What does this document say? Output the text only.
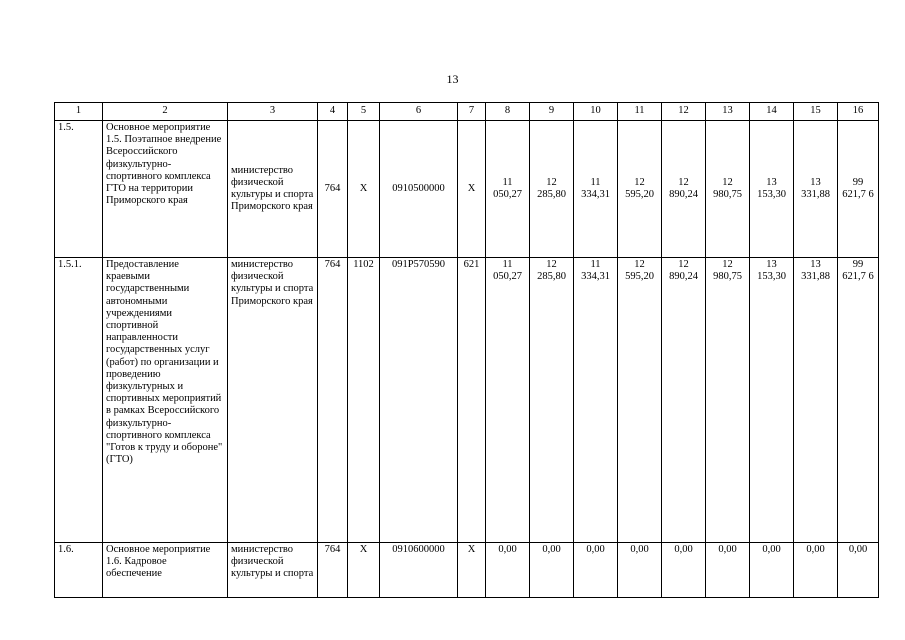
13
1	2	3	4	5	6	7	8	9	10	11	12	13	14	15	16
1.5.	Основное мероприятие 1.5. Поэтапное внедрение Всероссийского физкультурно-спортивного комплекса ГТО на территории Приморского края	министерство физической культуры и спорта Приморского края	764	X	0910500000	X	11 050,27	12 285,80	11 334,31	12 595,20	12 890,24	12 980,75	13 153,30	13 331,88	99 621,7 6
1.5.1.	Предоставление краевыми государственными автономными учреждениями спортивной направленности государственных услуг (работ) по организации и проведению физкультурных и спортивных мероприятий в рамках Всероссийского физкультурно-спортивного комплекса "Готов к труду и обороне" (ГТО)	министерство физической культуры и спорта Приморского края	764	1102	091P570590	621	11 050,27	12 285,80	11 334,31	12 595,20	12 890,24	12 980,75	13 153,30	13 331,88	99 621,7 6
1.6.	Основное мероприятие 1.6. Кадровое обеспечение	министерство физической культуры и спорта	764	X	0910600000	X	0,00	0,00	0,00	0,00	0,00	0,00	0,00	0,00	0,00
